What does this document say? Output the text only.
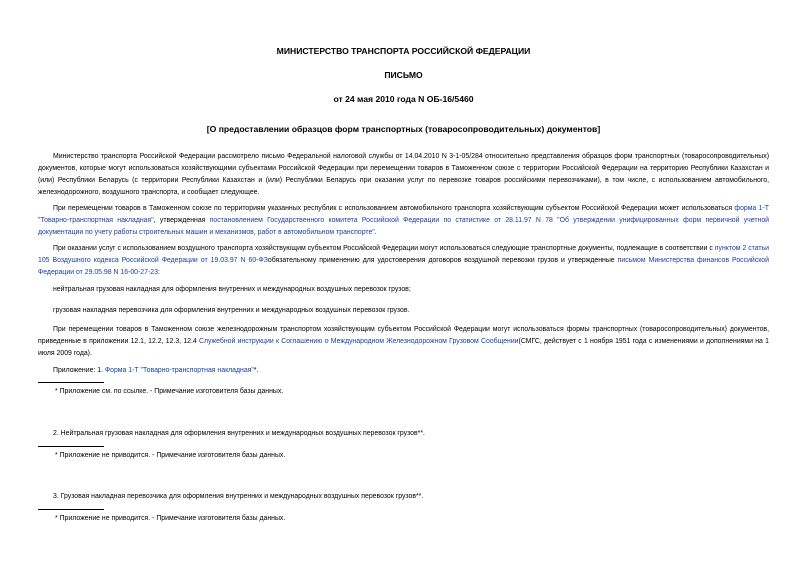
МИНИСТЕРСТВО ТРАНСПОРТА РОССИЙСКОЙ ФЕДЕРАЦИИ
ПИСЬМО
от 24 мая 2010 года N ОБ-16/5460
[О предоставлении образцов форм транспортных (товаросопроводительных) документов]

Министерство транспорта Российской Федерации рассмотрело письмо Федеральной налоговой службы от 14.04.2010 N 3-1-05/284 относительно представления образцов форм транспортных (товаросопроводительных) документов, которые могут использоваться хозяйствующими субъектами Российской Федерации при перемещении товаров в Таможенном союзе с территории Российской Федерации на территорию Республики Казахстан и (или) Республики Беларусь (с территории Республики Казахстан и (или) Республики Беларусь при оказании услуг по перевозке товаров российскими перевозчиками), в том числе, с использованием автомобильного, железнодорожного, воздушного транспорта, и сообщает следующее.

При перемещении товаров в Таможенном союзе по территориям указанных республик с использованием автомобильного транспорта хозяйствующим субъектом Российской Федерации может использоваться форма 1-Т "Товарно-транспортная накладная", утвержденная постановлением Государственного комитета Российской Федерации по статистике от 28.11.97 N 78 "Об утверждении унифицированных форм первичной учетной документации по учету работы строительных машин и механизмов, работ в автомобильном транспорте".

При оказании услуг с использованием воздушного транспорта хозяйствующим субъектом Российской Федерации могут использоваться следующие транспортные документы, подлежащие в соответствии с пунктом 2 статьи 105 Воздушного кодекса Российской Федерации от 19.03.97 N 60-ФЗобязательному применению для удостоверения договоров воздушной перевозки грузов и утвержденные письмом Министерства финансов Российской Федерации от 29.05.98 N 16-00-27-23:

нейтральная грузовая накладная для оформления внутренних и международных воздушных перевозок грузов;
грузовая накладная перевозчика для оформления внутренних и международных воздушных перевозок грузов.

При перемещении товаров в Таможенном союзе железнодорожным транспортом хозяйствующим субъектом Российской Федерации могут использоваться формы транспортных (товаросопроводительных) документов, приведенные в приложении 12.1, 12.2, 12.3, 12.4 Служебной инструкции к Соглашению о Международном Железнодорожном Грузовом Сообщении(СМГС, действует с 1 ноября 1951 года с изменениями и дополнениями на 1 июля 2009 года).

Приложение: 1. Форма 1-Т "Товарно-транспортная накладная"*.
* Приложение см. по ссылке. - Примечание изготовителя базы данных.
2. Нейтральная грузовая накладная для оформления внутренних и международных воздушных перевозок грузов**.
* Приложение не приводится. - Примечание изготовителя базы данных.
3. Грузовая накладная перевозчика для оформления внутренних и международных воздушных перевозок грузов**.
* Приложение не приводится. - Примечание изготовителя базы данных.
